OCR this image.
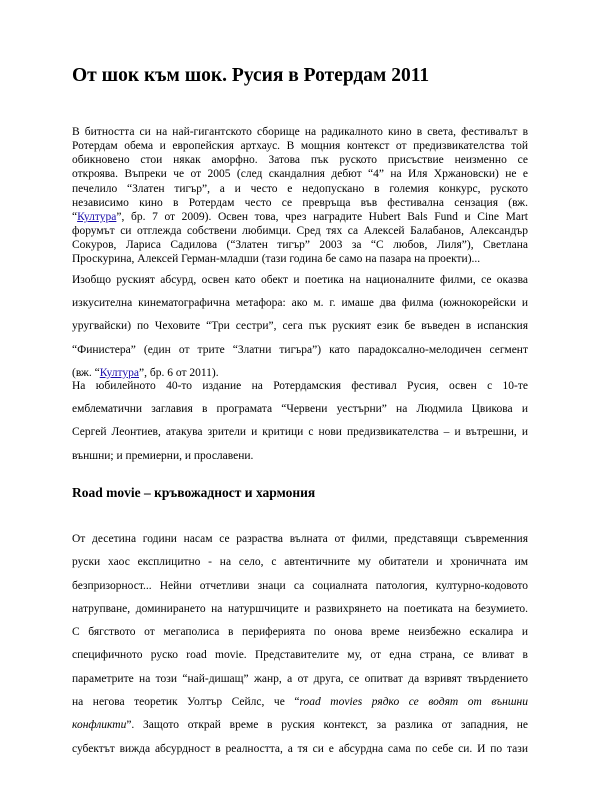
От шок към шок. Русия в Ротердам 2011
В битността си на най-гигантското сборище на радикалното кино в света, фестивалът в
Ротердам обема и европейския артхаус. В мощния контекст от предизвикателства той
обикновено стои някак аморфно. Затова пък руското присъствие неизменно се
откроява. Въпреки че от 2005 (след скандалния дебют “4” на Иля Хржановски) не е
печелило “Златен тигър”, а и често е недопускано в големия конкурс, руското
независимо кино в Ротердам често се превръща във фестивална сензация (вж.
“Култура”, бр. 7 от 2009). Освен това, чрез наградите Hubert Bals Fund и Cine Mart
форумът си отглежда собствени любимци. Сред тях са Алексей Балабанов, Александър
Сокуров, Лариса Садилова (“Златен тигър” 2003 за “С любов, Лиля”), Светлана
Проскурина, Алексей Герман-младши (тази година бе само на пазара на проекти)...
Изобщо руският абсурд, освен като обект и поетика на националните филми, се оказва
изкуситeлна кинематографична метафора: ако м. г. имаше два филма (южнокорейски и
уругвайски) по Чеховите “Три сестри”, сега пък руският език бе въведен в испанския
“Финистера” (един от трите “Златни тигъра”) като парадоксално-мелодичен сегмент
(вж. “Култура”, бр. 6 от 2011).
На юбилейното 40-то издание на Ротердамския фестивал Русия, освен с 10-те
емблематични заглавия в програмата “Червени уестърни” на Людмила Цвикова и
Сергей Леонтиев, атакува зрители и критици с нови предизвикателства – и вътрешни, и
външни; и премиерни, и прославени.
Road movie – кръвожадност и хармония
От десетина години насам се разраства вълната от филми, представящи съвременния
руски хаос експлицитно - на село, с автентичните му обитатели и хроничната им
безпризорност... Нейни отчетливи знаци са социалната патология, културно-кодовото
натрупване, доминирането на натуршчиците и развихрянето на поетиката на безумието.
С бягството от мегаполиса в периферията по онова време неизбежно ескалира и
специфичното руско road movie. Представителите му, от една страна, се вливат в
параметрите на този “най-дишащ” жанр, а от друга, се опитват да взривят твърдението
на негова теоретик Уолтър Сейлс, че “road movies рядко се водят от външни
конфликти”. Защото открай време в руския контекст, за разлика от западния, не
субектът вижда абсурдност в реалността, а тя си е абсурдна сама по себе си. И по тази
